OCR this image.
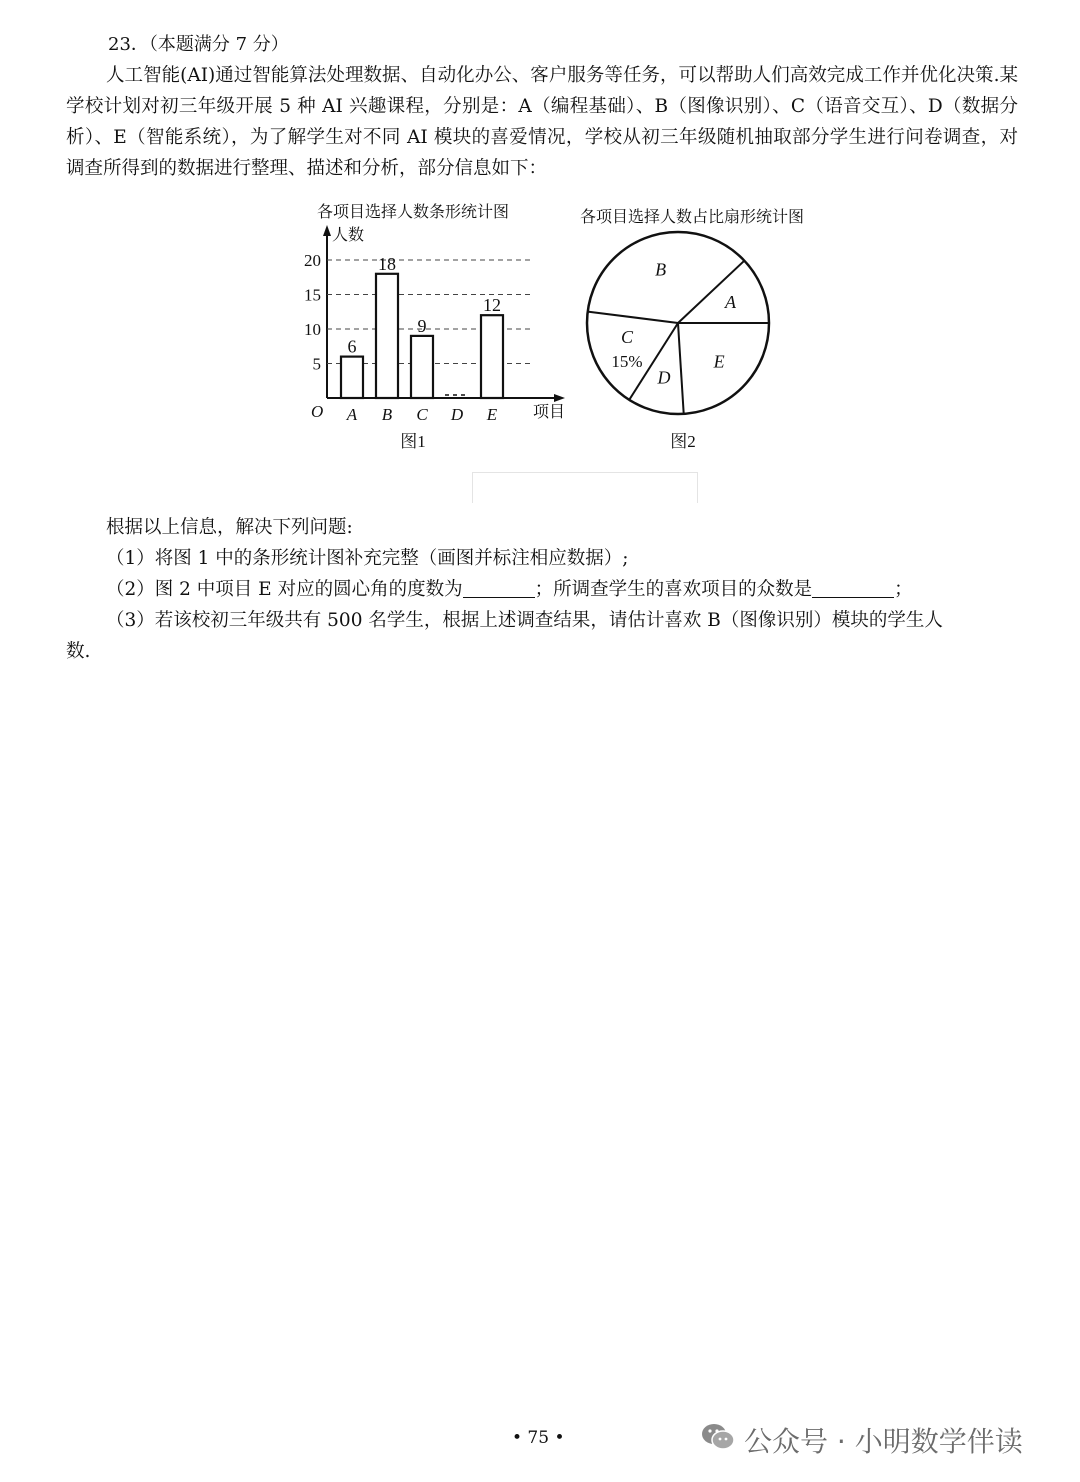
23．（本题满分 7 分）

人工智能(AI)通过智能算法处理数据、自动化办公、客户服务等任务，可以帮助人们高效完成工作并优化决策.某学校计划对初三年级开展 5 种 AI 兴趣课程，分别是：A（编程基础）、B（图像识别）、C（语音交互）、D（数据分析）、E（智能系统），为了解学生对不同 AI 模块的喜爱情况，学校从初三年级随机抽取部分学生进行问卷调查，对调查所得到的数据进行整理、描述和分析，部分信息如下：

各项目选择人数条形统计图
人数
O	项目
5
10
15
20
6
18
9
12
A B C D E
图1
各项目选择人数占比扇形统计图
A
B
C
15%
D
E
图2

根据以上信息，解决下列问题:

（1）将图 1 中的条形统计图补充完整（画图并标注相应数据）;

（2）图 2 中项目 E 对应的圆心角的度数为	；所调查学生的喜欢项目的众数是	；

（3）若该校初三年级共有 500 名学生，根据上述调查结果，请估计喜欢 B（图像识别）模块的学生人

数.

• 75 •	公众号 · 小明数学伴读
